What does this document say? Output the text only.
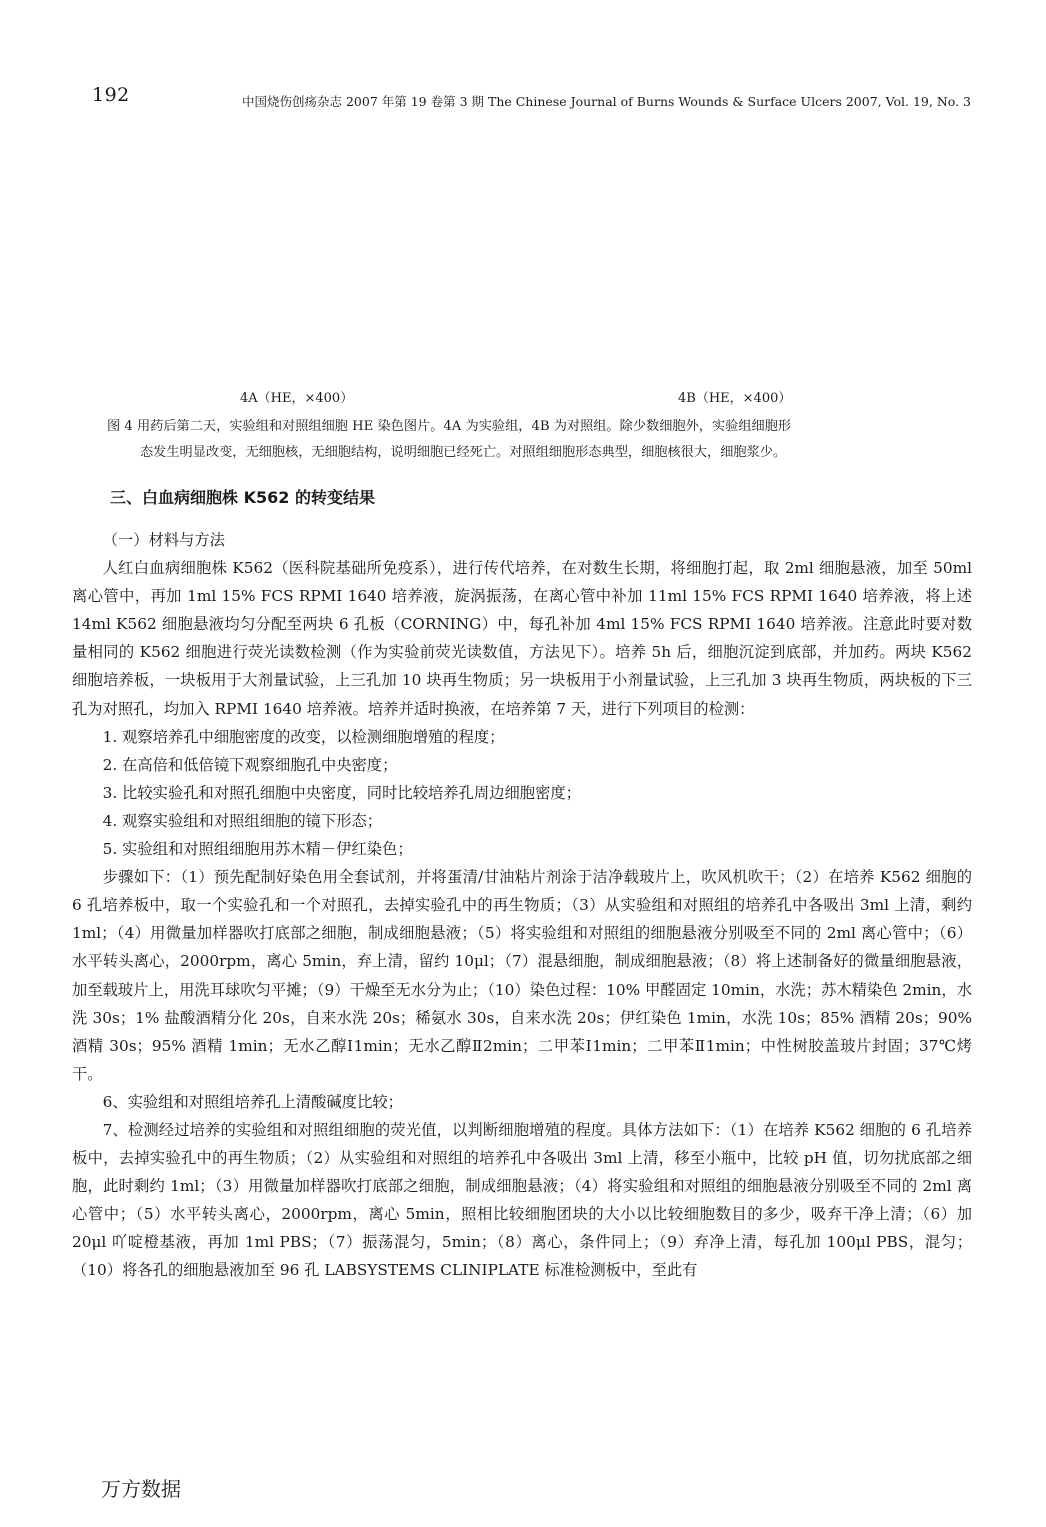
192	中国烧伤创疡杂志 2007 年第 19 卷第 3 期 The Chinese Journal of Burns Wounds & Surface Ulcers 2007, Vol. 19, No. 3
4A（HE，×400）	4B（HE，×400）
图 4 用药后第二天，实验组和对照组细胞 HE 染色图片。4A 为实验组，4B 为对照组。除少数细胞外，实验组细胞形
态发生明显改变，无细胞核，无细胞结构，说明细胞已经死亡。对照组细胞形态典型，细胞核很大，细胞浆少。
三、白血病细胞株 K562 的转变结果

（一）材料与方法

人红白血病细胞株 K562（医科院基础所免疫系），进行传代培养，在对数生长期，将细胞打起，取 2ml 细胞悬液，加至 50ml 离心管中，再加 1ml 15% FCS RPMI 1640 培养液，旋涡振荡，在离心管中补加 11ml 15% FCS RPMI 1640 培养液，将上述 14ml K562 细胞悬液均匀分配至两块 6 孔板（CORNING）中，每孔补加 4ml 15% FCS RPMI 1640 培养液。注意此时要对数量相同的 K562 细胞进行荧光读数检测（作为实验前荧光读数值，方法见下）。培养 5h 后，细胞沉淀到底部，并加药。两块 K562 细胞培养板，一块板用于大剂量试验，上三孔加 10 块再生物质；另一块板用于小剂量试验，上三孔加 3 块再生物质，两块板的下三孔为对照孔，均加入 RPMI 1640 培养液。培养并适时换液，在培养第 7 天，进行下列项目的检测：

1. 观察培养孔中细胞密度的改变，以检测细胞增殖的程度；

2. 在高倍和低倍镜下观察细胞孔中央密度；

3. 比较实验孔和对照孔细胞中央密度，同时比较培养孔周边细胞密度；

4. 观察实验组和对照组细胞的镜下形态；

5. 实验组和对照组细胞用苏木精－伊红染色；

步骤如下：（1）预先配制好染色用全套试剂，并将蛋清/甘油粘片剂涂于洁净载玻片上，吹风机吹干；（2）在培养 K562 细胞的 6 孔培养板中，取一个实验孔和一个对照孔，去掉实验孔中的再生物质；（3）从实验组和对照组的培养孔中各吸出 3ml 上清，剩约 1ml；（4）用微量加样器吹打底部之细胞，制成细胞悬液；（5）将实验组和对照组的细胞悬液分别吸至不同的 2ml 离心管中；（6）水平转头离心，2000rpm，离心 5min，弃上清，留约 10μl；（7）混悬细胞，制成细胞悬液；（8）将上述制备好的微量细胞悬液，加至载玻片上，用洗耳球吹匀平摊；（9）干燥至无水分为止；（10）染色过程：10% 甲醛固定 10min，水洗；苏木精染色 2min，水洗 30s；1% 盐酸酒精分化 20s，自来水洗 20s；稀氨水 30s，自来水洗 20s；伊红染色 1min，水洗 10s；85% 酒精 20s；90% 酒精 30s；95% 酒精 1min；无水乙醇Ⅰ1min；无水乙醇Ⅱ2min；二甲苯Ⅰ1min；二甲苯Ⅱ1min；中性树胶盖玻片封固；37℃烤干。

6、实验组和对照组培养孔上清酸碱度比较；

7、检测经过培养的实验组和对照组细胞的荧光值，以判断细胞增殖的程度。具体方法如下：（1）在培养 K562 细胞的 6 孔培养板中，去掉实验孔中的再生物质；（2）从实验组和对照组的培养孔中各吸出 3ml 上清，移至小瓶中，比较 pH 值，切勿扰底部之细胞，此时剩约 1ml；（3）用微量加样器吹打底部之细胞，制成细胞悬液；（4）将实验组和对照组的细胞悬液分别吸至不同的 2ml 离心管中；（5）水平转头离心，2000rpm，离心 5min，照相比较细胞团块的大小以比较细胞数目的多少，吸弃干净上清；（6）加 20μl 吖啶橙基液，再加 1ml PBS；（7）振荡混匀，5min；（8）离心，条件同上；（9）弃净上清，每孔加 100μl PBS，混匀；（10）将各孔的细胞悬液加至 96 孔 LABSYSTEMS CLINIPLATE 标准检测板中，至此有

万方数据
